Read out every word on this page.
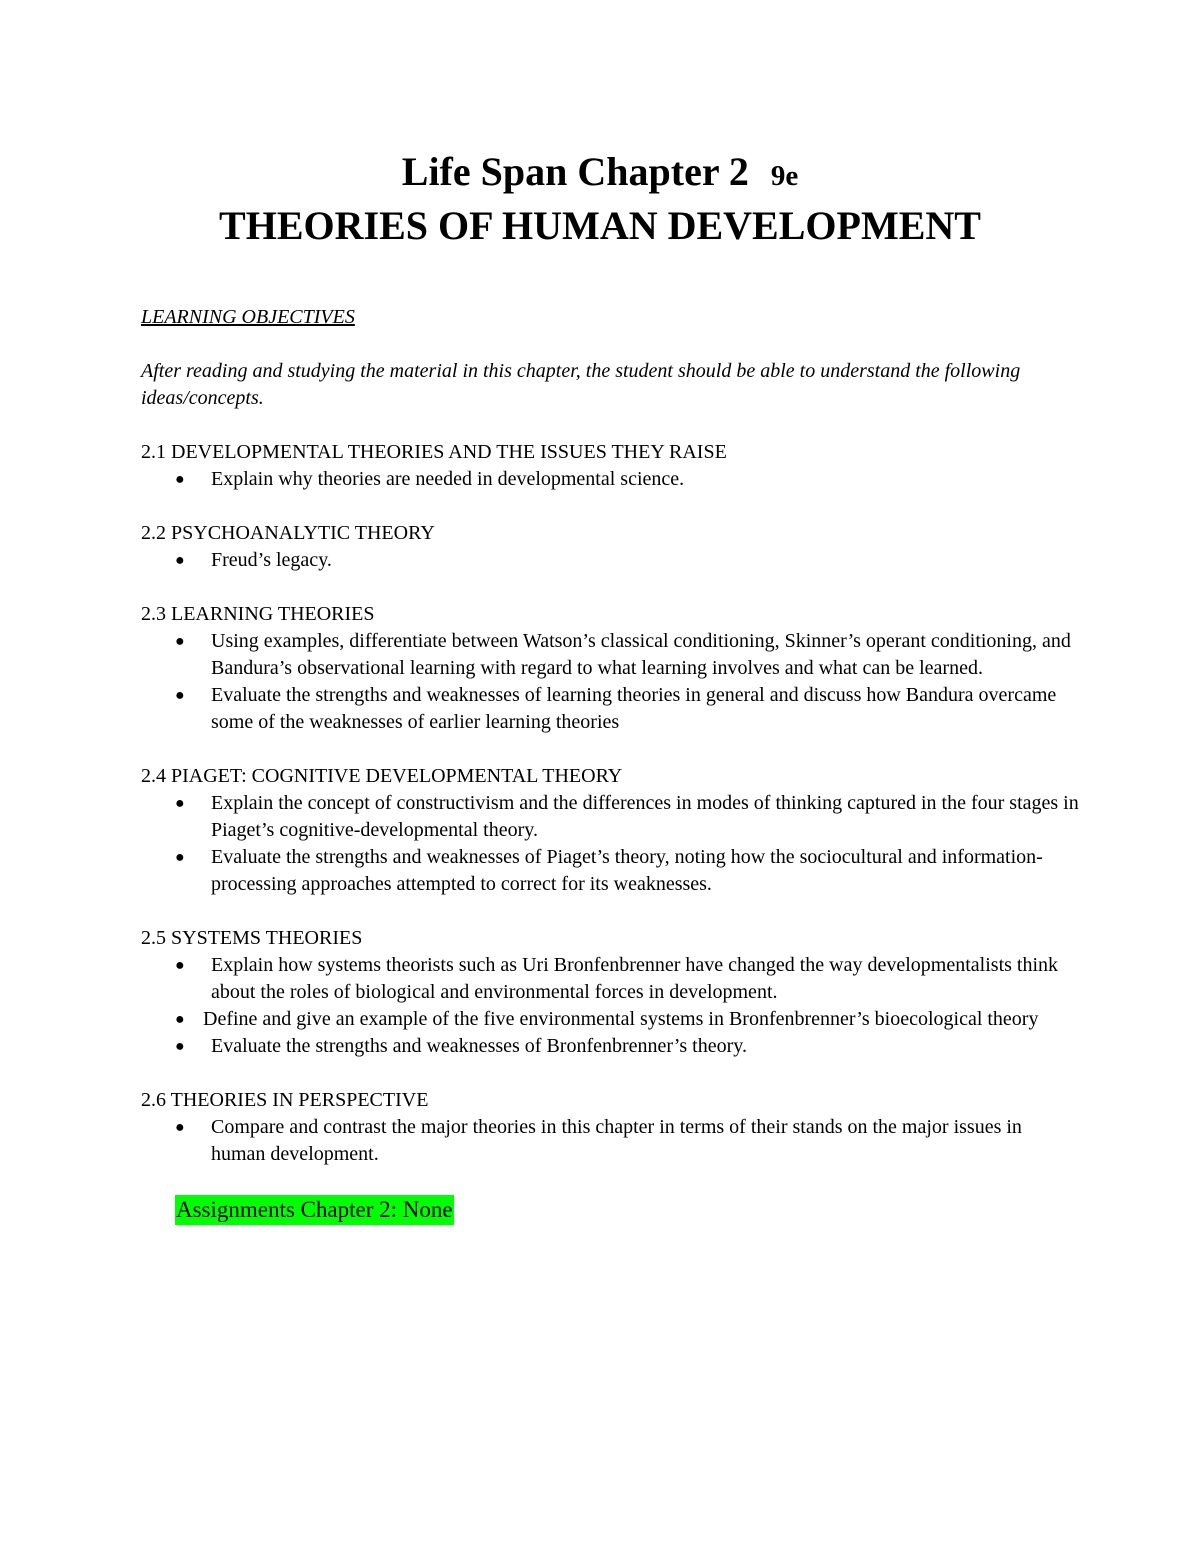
Life Span Chapter 2 9e
THEORIES OF HUMAN DEVELOPMENT

LEARNING OBJECTIVES

After reading and studying the material in this chapter, the student should be able to understand the following ideas/concepts.

2.1 DEVELOPMENTAL THEORIES AND THE ISSUES THEY RAISE

● Explain why theories are needed in developmental science.

2.2 PSYCHOANALYTIC THEORY

● Freud’s legacy.

2.3 LEARNING THEORIES

● Using examples, differentiate between Watson’s classical conditioning, Skinner’s operant conditioning, and Bandura’s observational learning with regard to what learning involves and what can be learned.
● Evaluate the strengths and weaknesses of learning theories in general and discuss how Bandura overcame some of the weaknesses of earlier learning theories

2.4 PIAGET: COGNITIVE DEVELOPMENTAL THEORY

● Explain the concept of constructivism and the differences in modes of thinking captured in the four stages in Piaget’s cognitive-developmental theory.
● Evaluate the strengths and weaknesses of Piaget’s theory, noting how the sociocultural and information-processing approaches attempted to correct for its weaknesses.

2.5 SYSTEMS THEORIES

● Explain how systems theorists such as Uri Bronfenbrenner have changed the way developmentalists think about the roles of biological and environmental forces in development.
● Define and give an example of the five environmental systems in Bronfenbrenner’s bioecological theory
● Evaluate the strengths and weaknesses of Bronfenbrenner’s theory.

2.6 THEORIES IN PERSPECTIVE

● Compare and contrast the major theories in this chapter in terms of their stands on the major issues in human development.
Assignments Chapter 2: None
